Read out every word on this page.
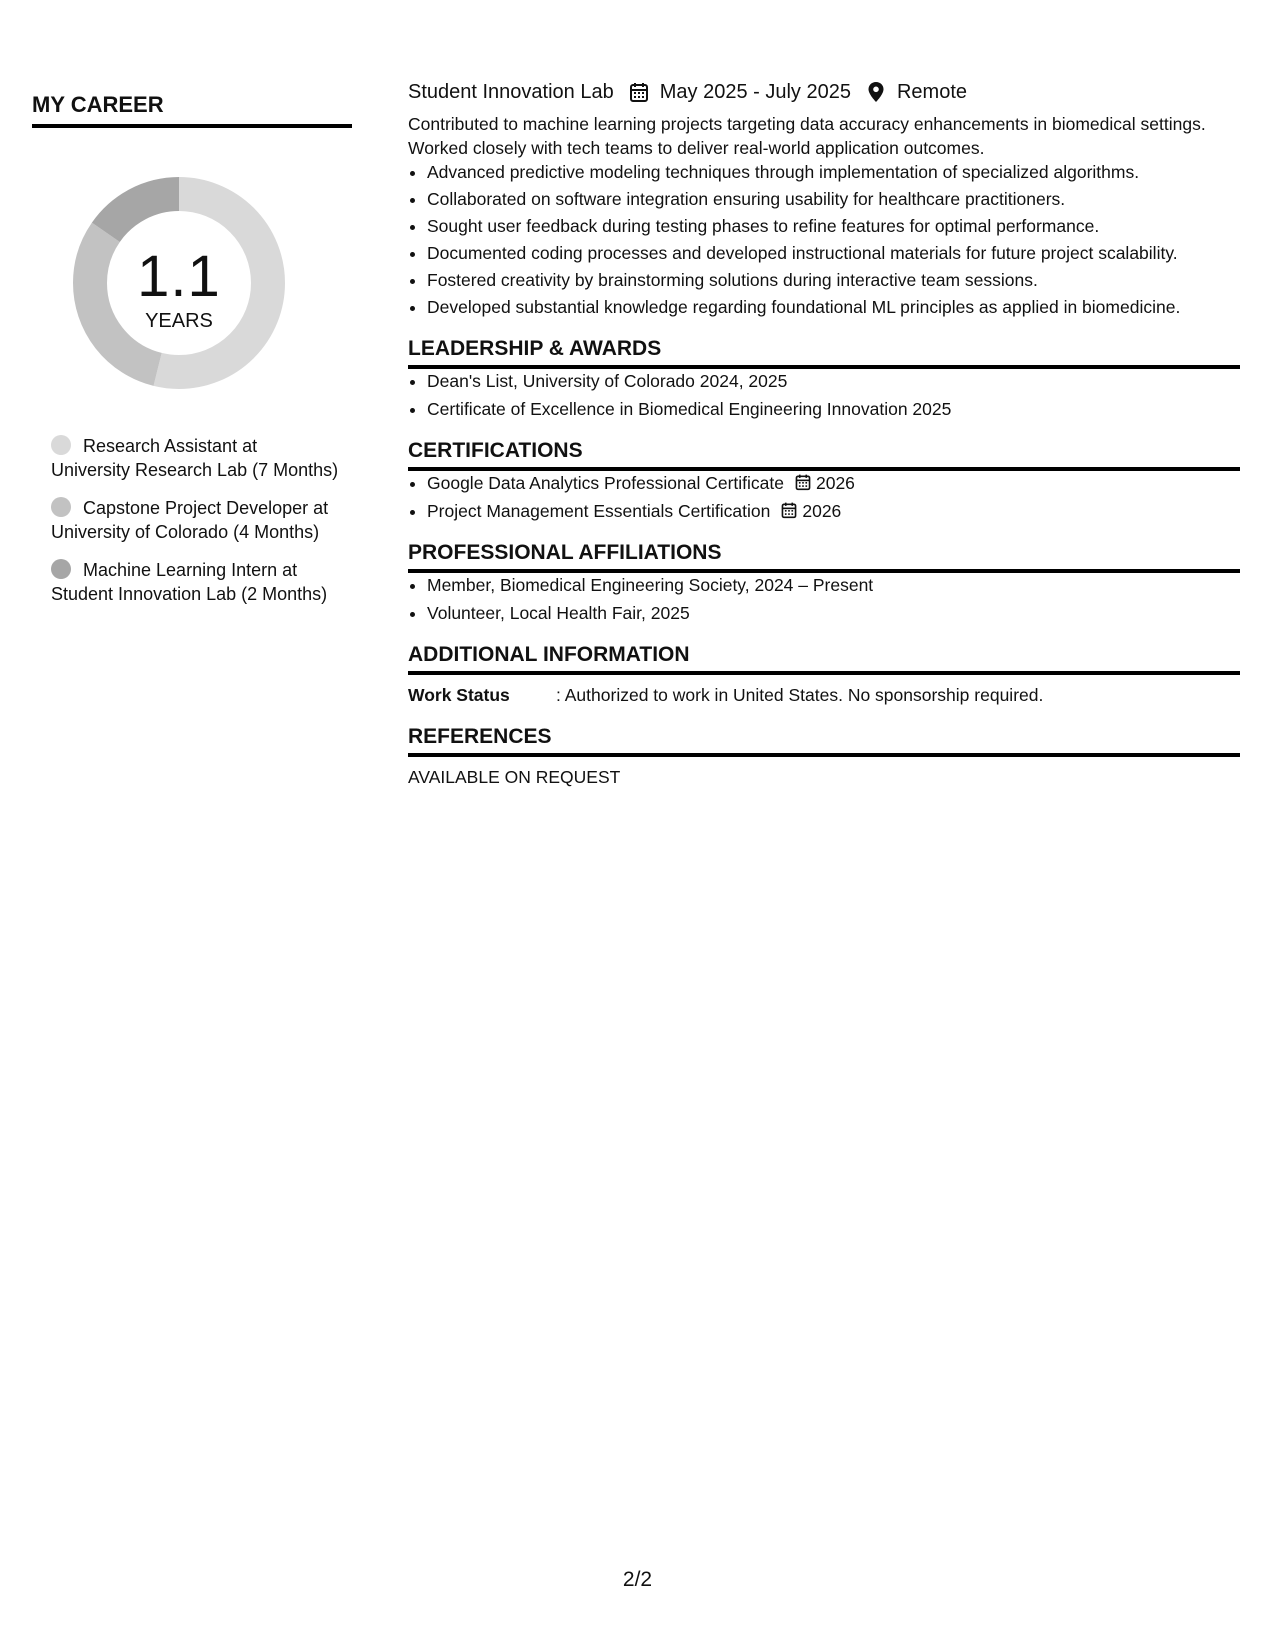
MY CAREER
1.1
YEARS
Research Assistant at University Research Lab (7 Months)
Capstone Project Developer at University of Colorado (4 Months)
Machine Learning Intern at Student Innovation Lab (2 Months)
Student Innovation Lab May 2025 - July 2025 Remote

Contributed to machine learning projects targeting data accuracy enhancements in biomedical settings. Worked closely with tech teams to deliver real-world application outcomes.

• Advanced predictive modeling techniques through implementation of specialized algorithms.
• Collaborated on software integration ensuring usability for healthcare practitioners.
• Sought user feedback during testing phases to refine features for optimal performance.
• Documented coding processes and developed instructional materials for future project scalability.
• Fostered creativity by brainstorming solutions during interactive team sessions.
• Developed substantial knowledge regarding foundational ML principles as applied in biomedicine.
LEADERSHIP & AWARDS
• Dean's List, University of Colorado 2024, 2025
• Certificate of Excellence in Biomedical Engineering Innovation 2025
CERTIFICATIONS
• Google Data Analytics Professional Certificate 2026
• Project Management Essentials Certification 2026
PROFESSIONAL AFFILIATIONS
• Member, Biomedical Engineering Society, 2024 – Present
• Volunteer, Local Health Fair, 2025
ADDITIONAL INFORMATION
Work Status	: Authorized to work in United States. No sponsorship required.
REFERENCES
AVAILABLE ON REQUEST
2/2
